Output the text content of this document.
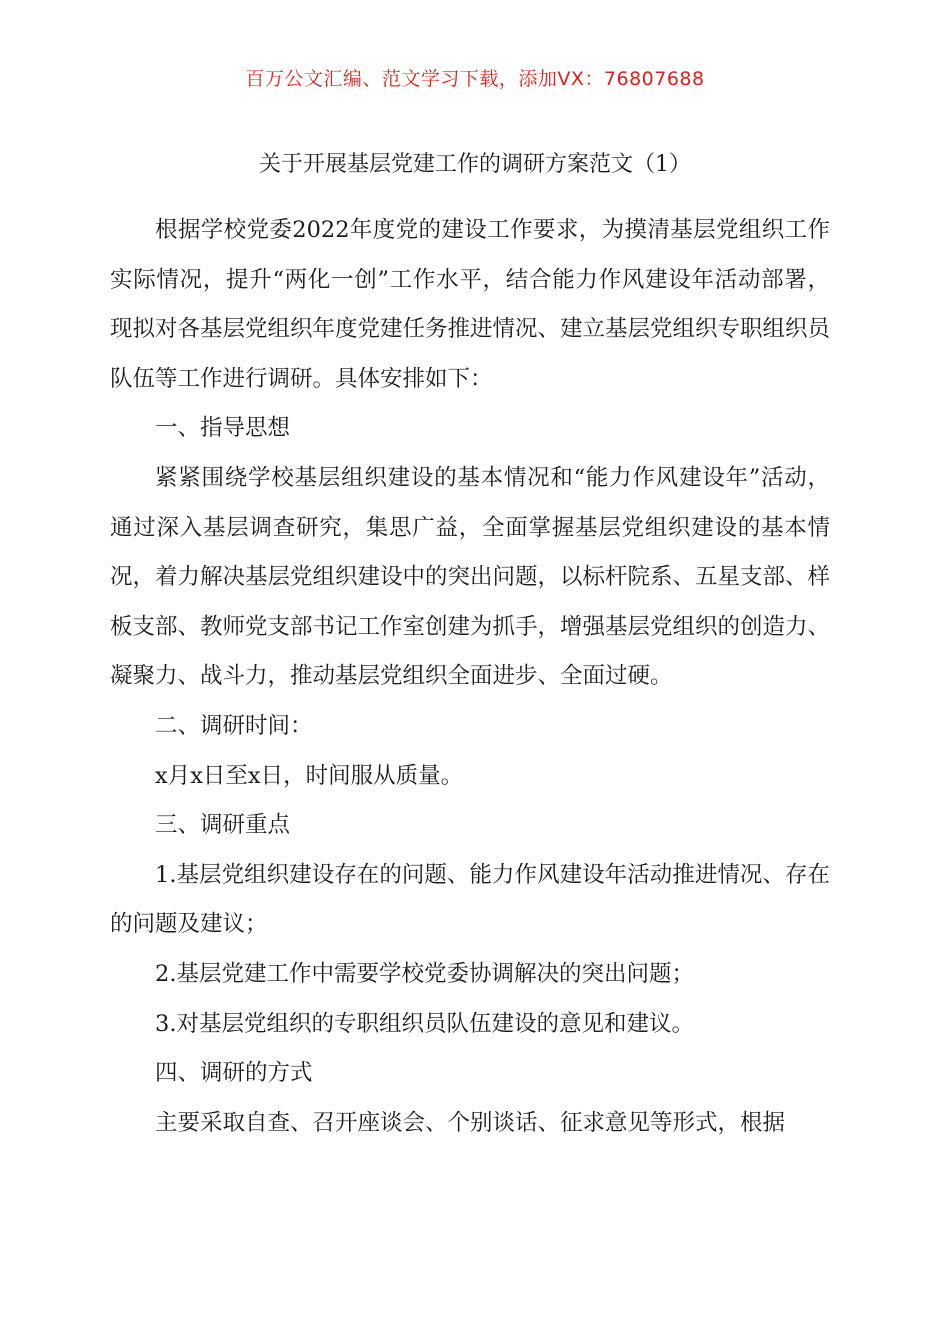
百万公文汇编、范文学习下载，添加VX：76807688
关于开展基层党建工作的调研方案范文（1）

根据学校党委2022年度党的建设工作要求，为摸清基层党组织工作实际情况，提升“两化一创”工作水平，结合能力作风建设年活动部署，现拟对各基层党组织年度党建任务推进情况、建立基层党组织专职组织员队伍等工作进行调研。具体安排如下：

一、指导思想

紧紧围绕学校基层组织建设的基本情况和“能力作风建设年”活动，通过深入基层调查研究，集思广益，全面掌握基层党组织建设的基本情况，着力解决基层党组织建设中的突出问题，以标杆院系、五星支部、样板支部、教师党支部书记工作室创建为抓手，增强基层党组织的创造力、凝聚力、战斗力，推动基层党组织全面进步、全面过硬。

二、调研时间：

x月x日至x日，时间服从质量。

三、调研重点

1.基层党组织建设存在的问题、能力作风建设年活动推进情况、存在的问题及建议；

2.基层党建工作中需要学校党委协调解决的突出问题；

3.对基层党组织的专职组织员队伍建设的意见和建议。

四、调研的方式

主要采取自查、召开座谈会、个别谈话、征求意见等形式，根据
